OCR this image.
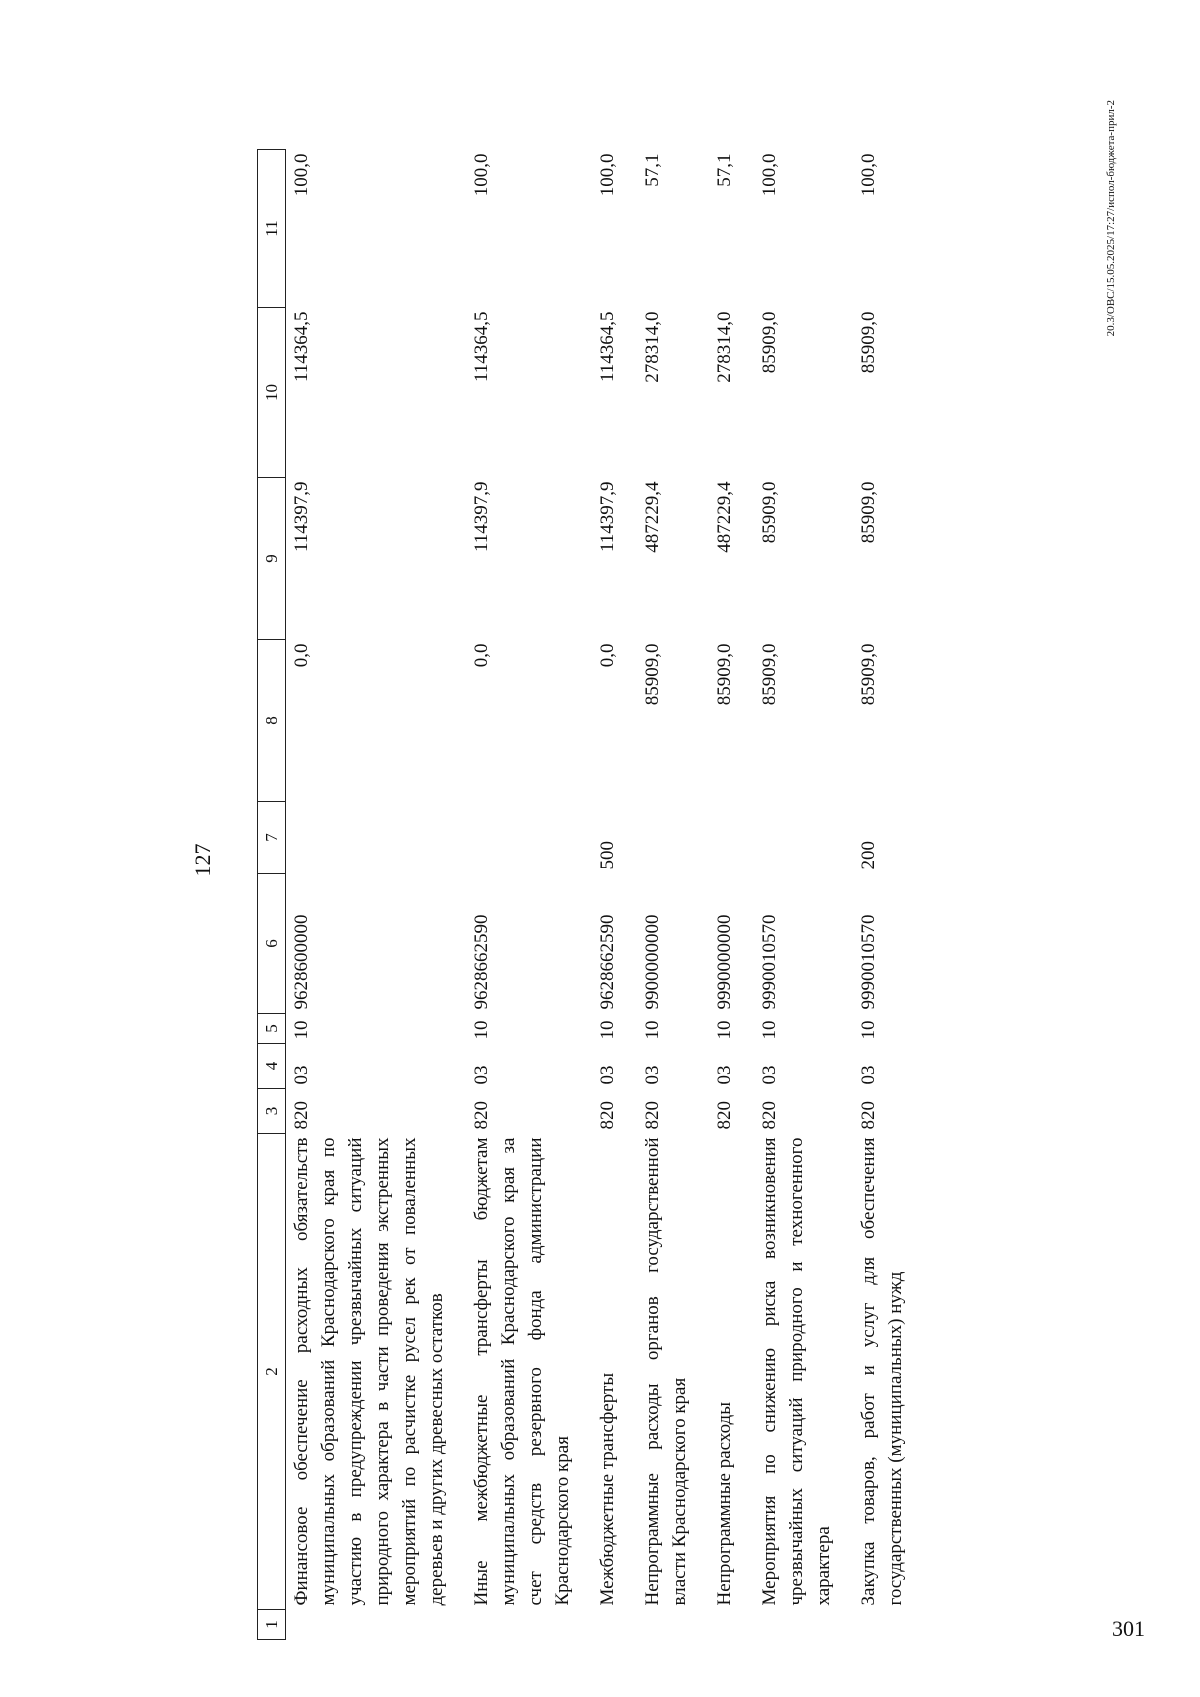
301
127
1	2	3	4	5	6	7	8	9	10	11
	Финансовое обеспечение расходных обязательств муниципальных образований Краснодарского края по участию в предупреждении чрезвычайных ситуаций природного характера в части проведения экстренных мероприятий по расчистке русел рек от поваленных деревьев и других древесных остатков	820	03	10	9628600000		0,0	114397,9	114364,5	100,0
	Иные межбюджетные трансферты бюджетам муниципальных образований Краснодарского края за счет средств резервного фонда администрации Краснодарского края	820	03	10	9628662590		0,0	114397,9	114364,5	100,0
	Межбюджетные трансферты	820	03	10	9628662590	500	0,0	114397,9	114364,5	100,0
	Непрограммные расходы органов государственной власти Краснодарского края	820	03	10	9900000000		85909,0	487229,4	278314,0	57,1
	Непрограммные расходы	820	03	10	9990000000		85909,0	487229,4	278314,0	57,1
	Мероприятия по снижению риска возникновения чрезвычайных ситуаций природного и техногенного характера	820	03	10	9990010570		85909,0	85909,0	85909,0	100,0
	Закупка товаров, работ и услуг для обеспечения государственных (муниципальных) нужд	820	03	10	9990010570	200	85909,0	85909,0	85909,0	100,0	20.3/ОВС/15.05.2025/17:27/испол-бюджета-прил-2
